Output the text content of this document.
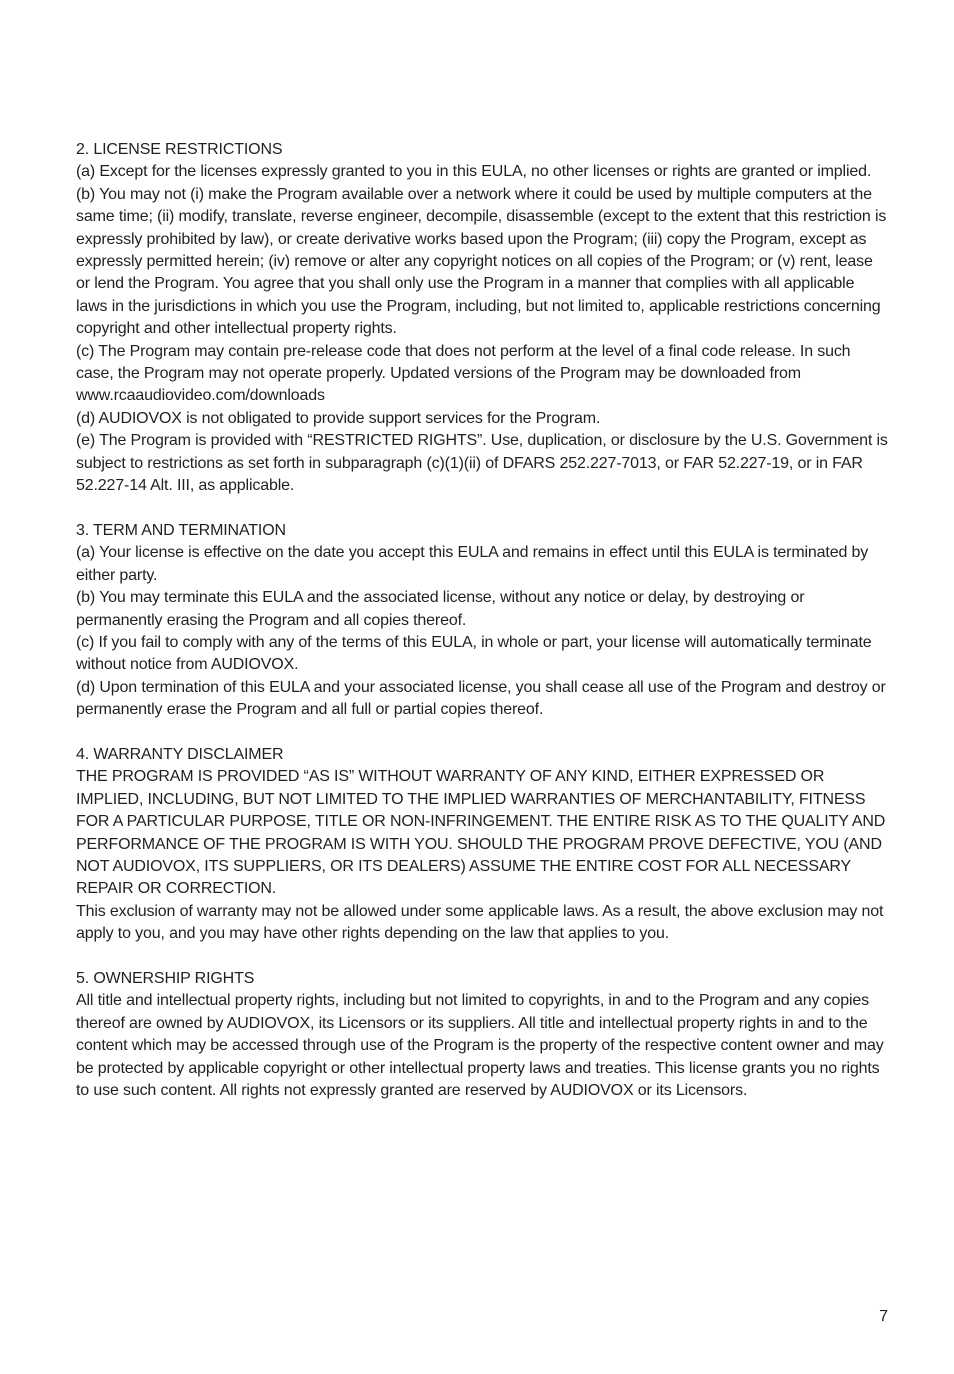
2. LICENSE RESTRICTIONS

(a) Except for the licenses expressly granted to you in this EULA, no other licenses or rights are granted or implied.

(b) You may not (i) make the Program available over a network where it could be used by multiple computers at the same time; (ii) modify, translate, reverse engineer, decompile, disassemble (except to the extent that this restriction is expressly prohibited by law), or create derivative works based upon the Program; (iii) copy the Program, except as expressly permitted herein; (iv) remove or alter any copyright notices on all copies of the Program; or (v) rent, lease or lend the Program. You agree that you shall only use the Program in a manner that complies with all applicable laws in the jurisdictions in which you use the Program, including, but not limited to, applicable restrictions concerning copyright and other intellectual property rights.

(c) The Program may contain pre-release code that does not perform at the level of a final code release. In such case, the Program may not operate properly. Updated versions of the Program may be downloaded from www.rcaaudiovideo.com/downloads

(d) AUDIOVOX is not obligated to provide support services for the Program.

(e) The Program is provided with “RESTRICTED RIGHTS”. Use, duplication, or disclosure by the U.S. Government is subject to restrictions as set forth in subparagraph (c)(1)(ii) of DFARS 252.227-7013, or FAR 52.227-19, or in FAR 52.227-14 Alt. III, as applicable.

3. TERM AND TERMINATION

(a) Your license is effective on the date you accept this EULA and remains in effect until this EULA is terminated by either party.

(b) You may terminate this EULA and the associated license, without any notice or delay, by destroying or permanently erasing the Program and all copies thereof.

(c) If you fail to comply with any of the terms of this EULA, in whole or part, your license will automatically terminate without notice from AUDIOVOX.

(d) Upon termination of this EULA and your associated license, you shall cease all use of the Program and destroy or permanently erase the Program and all full or partial copies thereof.

4. WARRANTY DISCLAIMER

THE PROGRAM IS PROVIDED “AS IS” WITHOUT WARRANTY OF ANY KIND, EITHER EXPRESSED OR IMPLIED, INCLUDING, BUT NOT LIMITED TO THE IMPLIED WARRANTIES OF MERCHANTABILITY, FITNESS FOR A PARTICULAR PURPOSE, TITLE OR NON-INFRINGEMENT. THE ENTIRE RISK AS TO THE QUALITY AND PERFORMANCE OF THE PROGRAM IS WITH YOU. SHOULD THE PROGRAM PROVE DEFECTIVE, YOU (AND NOT AUDIOVOX, ITS SUPPLIERS, OR ITS DEALERS) ASSUME THE ENTIRE COST FOR ALL NECESSARY REPAIR OR CORRECTION.

This exclusion of warranty may not be allowed under some applicable laws. As a result, the above exclusion may not apply to you, and you may have other rights depending on the law that applies to you.

5. OWNERSHIP RIGHTS

All title and intellectual property rights, including but not limited to copyrights, in and to the Program and any copies thereof are owned by AUDIOVOX, its Licensors or its suppliers. All title and intellectual property rights in and to the content which may be accessed through use of the Program is the property of the respective content owner and may be protected by applicable copyright or other intellectual property laws and treaties. This license grants you no rights to use such content. All rights not expressly granted are reserved by AUDIOVOX or its Licensors.

7
